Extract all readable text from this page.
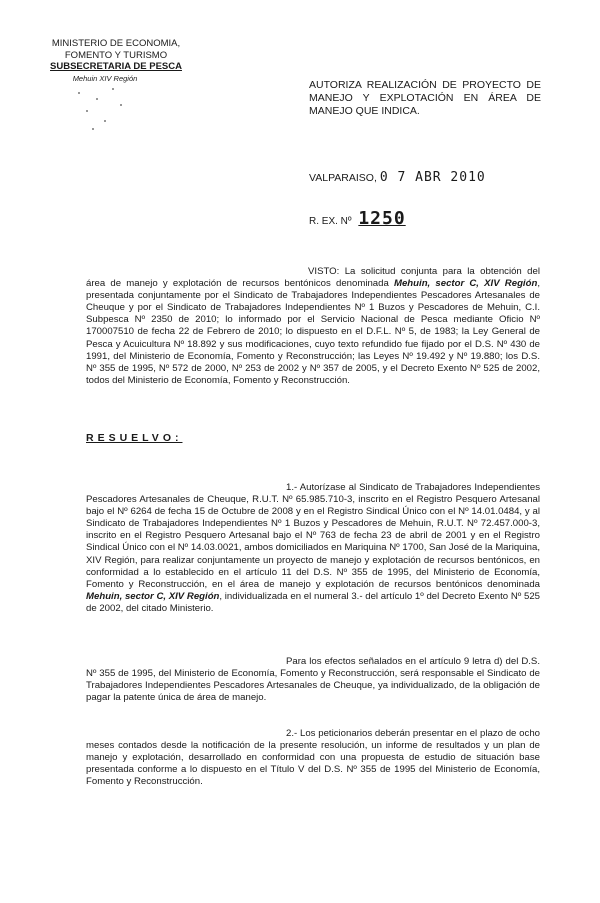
MINISTERIO DE ECONOMIA,
FOMENTO Y TURISMO
SUBSECRETARIA DE PESCA
Mehuin XIV Región
AUTORIZA REALIZACIÓN DE PROYECTO DE MANEJO Y EXPLOTACIÓN EN ÁREA DE MANEJO QUE INDICA.
VALPARAISO, 0 7 ABR 2010
R. EX. Nº 1250
VISTO: La solicitud conjunta para la obtención del área de manejo y explotación de recursos bentónicos denominada Mehuin, sector C, XIV Región, presentada conjuntamente por el Sindicato de Trabajadores Independientes Pescadores Artesanales de Cheuque y por el Sindicato de Trabajadores Independientes Nº 1 Buzos y Pescadores de Mehuin, C.I. Subpesca Nº 2350 de 2010; lo informado por el Servicio Nacional de Pesca mediante Oficio Nº 170007510 de fecha 22 de Febrero de 2010; lo dispuesto en el D.F.L. Nº 5, de 1983; la Ley General de Pesca y Acuicultura Nº 18.892 y sus modificaciones, cuyo texto refundido fue fijado por el D.S. Nº 430 de 1991, del Ministerio de Economía, Fomento y Reconstrucción; las Leyes Nº 19.492 y Nº 19.880; los D.S. Nº 355 de 1995, Nº 572 de 2000, Nº 253 de 2002 y Nº 357 de 2005, y el Decreto Exento Nº 525 de 2002, todos del Ministerio de Economía, Fomento y Reconstrucción.
RESUELVO:
1.- Autorízase al Sindicato de Trabajadores Independientes Pescadores Artesanales de Cheuque, R.U.T. Nº 65.985.710-3, inscrito en el Registro Pesquero Artesanal bajo el Nº 6264 de fecha 15 de Octubre de 2008 y en el Registro Sindical Único con el Nº 14.01.0484, y al Sindicato de Trabajadores Independientes Nº 1 Buzos y Pescadores de Mehuin, R.U.T. Nº 72.457.000-3, inscrito en el Registro Pesquero Artesanal bajo el Nº 763 de fecha 23 de abril de 2001 y en el Registro Sindical Único con el Nº 14.03.0021, ambos domiciliados en Mariquina Nº 1700, San José de la Mariquina, XIV Región, para realizar conjuntamente un proyecto de manejo y explotación de recursos bentónicos, en conformidad a lo establecido en el artículo 11 del D.S. Nº 355 de 1995, del Ministerio de Economía, Fomento y Reconstrucción, en el área de manejo y explotación de recursos bentónicos denominada Mehuin, sector C, XIV Región, individualizada en el numeral 3.- del artículo 1º del Decreto Exento Nº 525 de 2002, del citado Ministerio.
Para los efectos señalados en el artículo 9 letra d) del D.S. Nº 355 de 1995, del Ministerio de Economía, Fomento y Reconstrucción, será responsable el Sindicato de Trabajadores Independientes Pescadores Artesanales de Cheuque, ya individualizado, de la obligación de pagar la patente única de área de manejo.
2.- Los peticionarios deberán presentar en el plazo de ocho meses contados desde la notificación de la presente resolución, un informe de resultados y un plan de manejo y explotación, desarrollado en conformidad con una propuesta de estudio de situación base presentada conforme a lo dispuesto en el Título V del D.S. Nº 355 de 1995 del Ministerio de Economía, Fomento y Reconstrucción.
